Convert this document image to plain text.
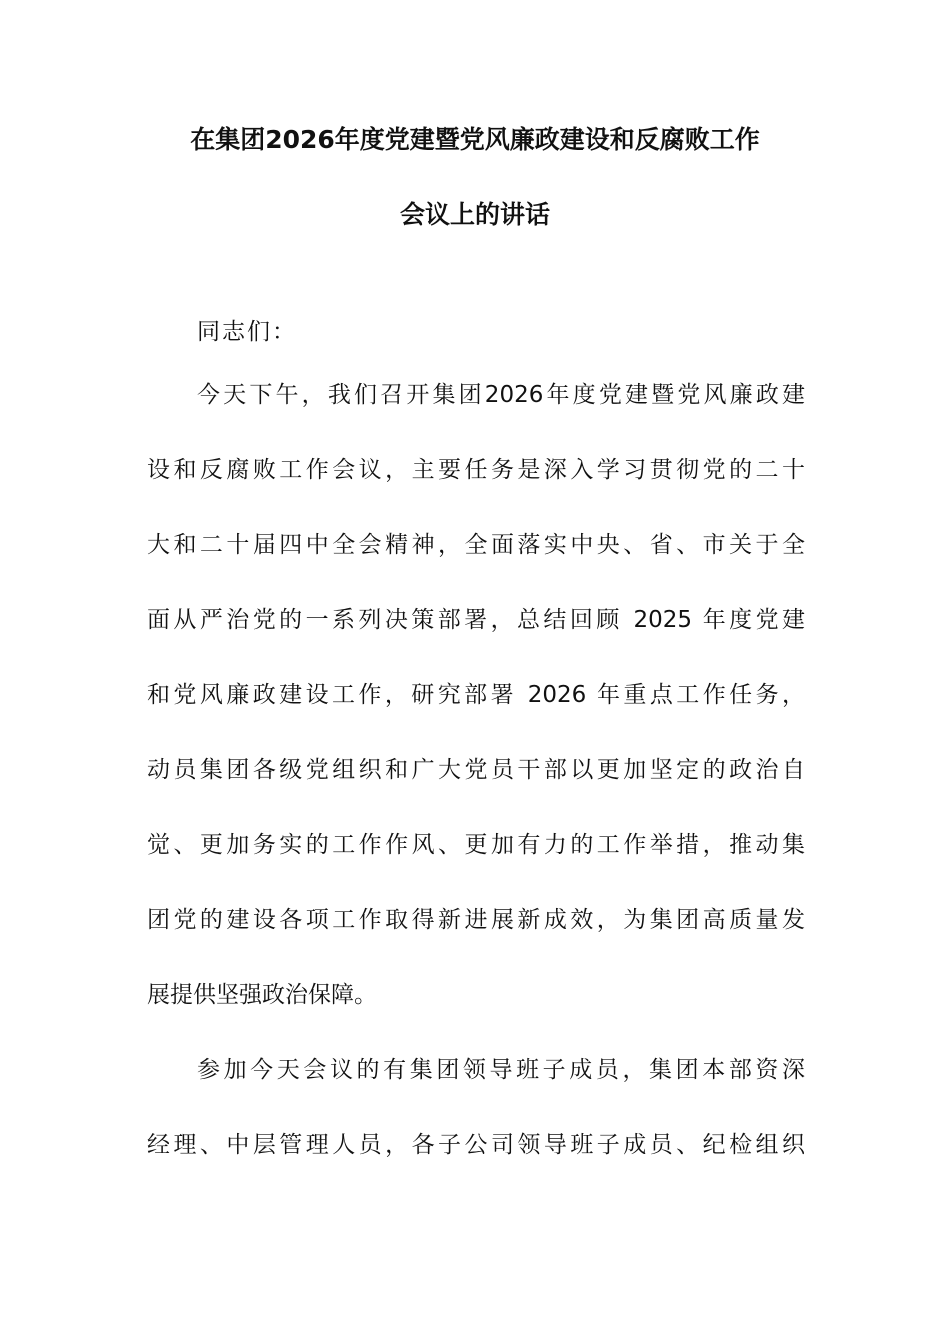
在集团2026年度党建暨党风廉政建设和反腐败工作
会议上的讲话
同志们：
今天下午，我们召开集团2026年度党建暨党风廉政建
设和反腐败工作会议，主要任务是深入学习贯彻党的二十
大和二十届四中全会精神，全面落实中央、省、市关于全
面从严治党的一系列决策部署，总结回顾 2025 年度党建
和党风廉政建设工作，研究部署 2026 年重点工作任务，
动员集团各级党组织和广大党员干部以更加坚定的政治自
觉、更加务实的工作作风、更加有力的工作举措，推动集
团党的建设各项工作取得新进展新成效，为集团高质量发
展提供坚强政治保障。
参加今天会议的有集团领导班子成员，集团本部资深
经理、中层管理人员，各子公司领导班子成员、纪检组织
